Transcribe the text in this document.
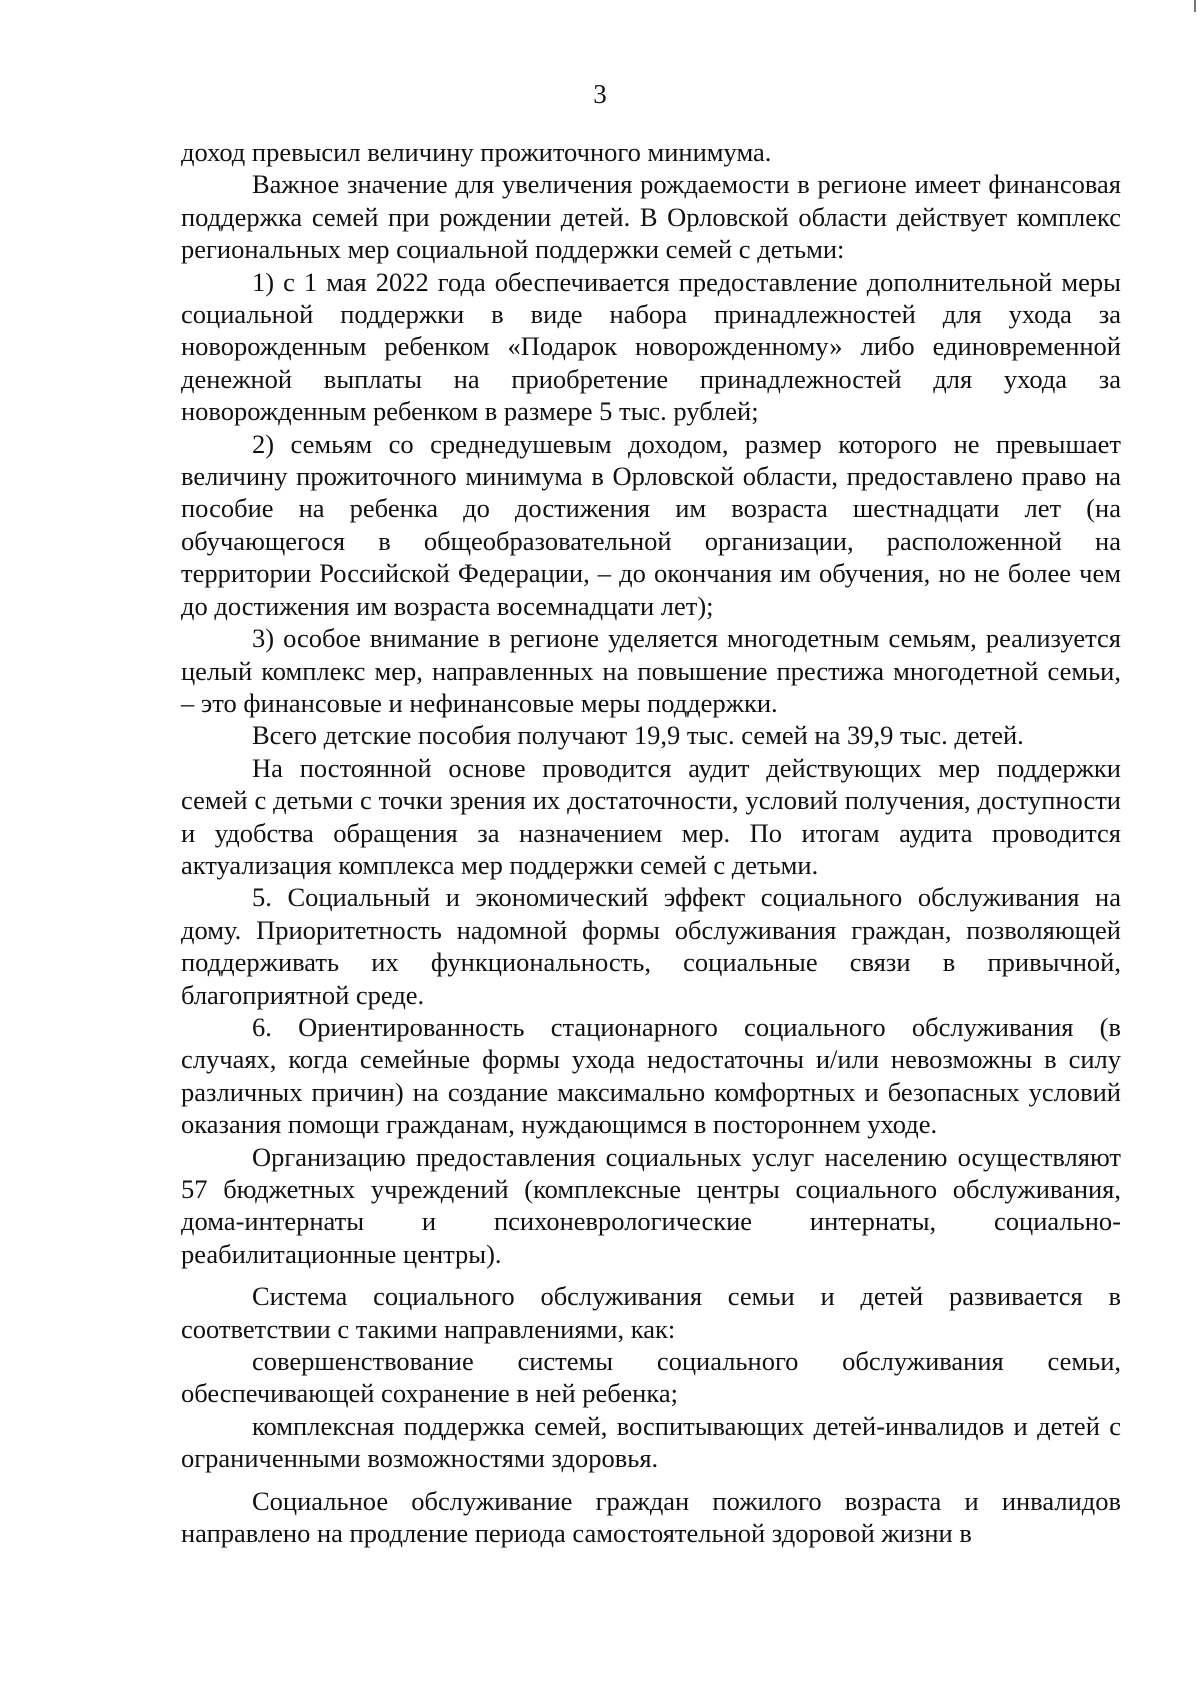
3

доход превысил величину прожиточного минимума.

Важное значение для увеличения рождаемости в регионе имеет финансовая поддержка семей при рождении детей. В Орловской области действует комплекс региональных мер социальной поддержки семей с детьми:

1) с 1 мая 2022 года обеспечивается предоставление дополнительной меры социальной поддержки в виде набора принадлежностей для ухода за новорожденным ребенком «Подарок новорожденному» либо единовременной денежной выплаты на приобретение принадлежностей для ухода за новорожденным ребенком в размере 5 тыс. рублей;

2) семьям со среднедушевым доходом, размер которого не превышает величину прожиточного минимума в Орловской области, предоставлено право на пособие на ребенка до достижения им возраста шестнадцати лет (на обучающегося в общеобразовательной организации, расположенной на территории Российской Федерации, – до окончания им обучения, но не более чем до достижения им возраста восемнадцати лет);

3) особое внимание в регионе уделяется многодетным семьям, реализуется целый комплекс мер, направленных на повышение престижа многодетной семьи, – это финансовые и нефинансовые меры поддержки.

Всего детские пособия получают 19,9 тыс. семей на 39,9 тыс. детей.

На постоянной основе проводится аудит действующих мер поддержки семей с детьми с точки зрения их достаточности, условий получения, доступности и удобства обращения за назначением мер. По итогам аудита проводится актуализация комплекса мер поддержки семей с детьми.

5. Социальный и экономический эффект социального обслуживания на дому. Приоритетность надомной формы обслуживания граждан, позволяющей поддерживать их функциональность, социальные связи в привычной, благоприятной среде.

6. Ориентированность стационарного социального обслуживания (в случаях, когда семейные формы ухода недостаточны и/или невозможны в силу различных причин) на создание максимально комфортных и безопасных условий оказания помощи гражданам, нуждающимся в постороннем уходе.

Организацию предоставления социальных услуг населению осуществляют 57 бюджетных учреждений (комплексные центры социального обслуживания, дома-интернаты и психоневрологические интернаты, социально-реабилитационные центры).

Система социального обслуживания семьи и детей развивается в соответствии с такими направлениями, как:

совершенствование системы социального обслуживания семьи, обеспечивающей сохранение в ней ребенка;

комплексная поддержка семей, воспитывающих детей-инвалидов и детей с ограниченными возможностями здоровья.

Социальное обслуживание граждан пожилого возраста и инвалидов направлено на продление периода самостоятельной здоровой жизни в
